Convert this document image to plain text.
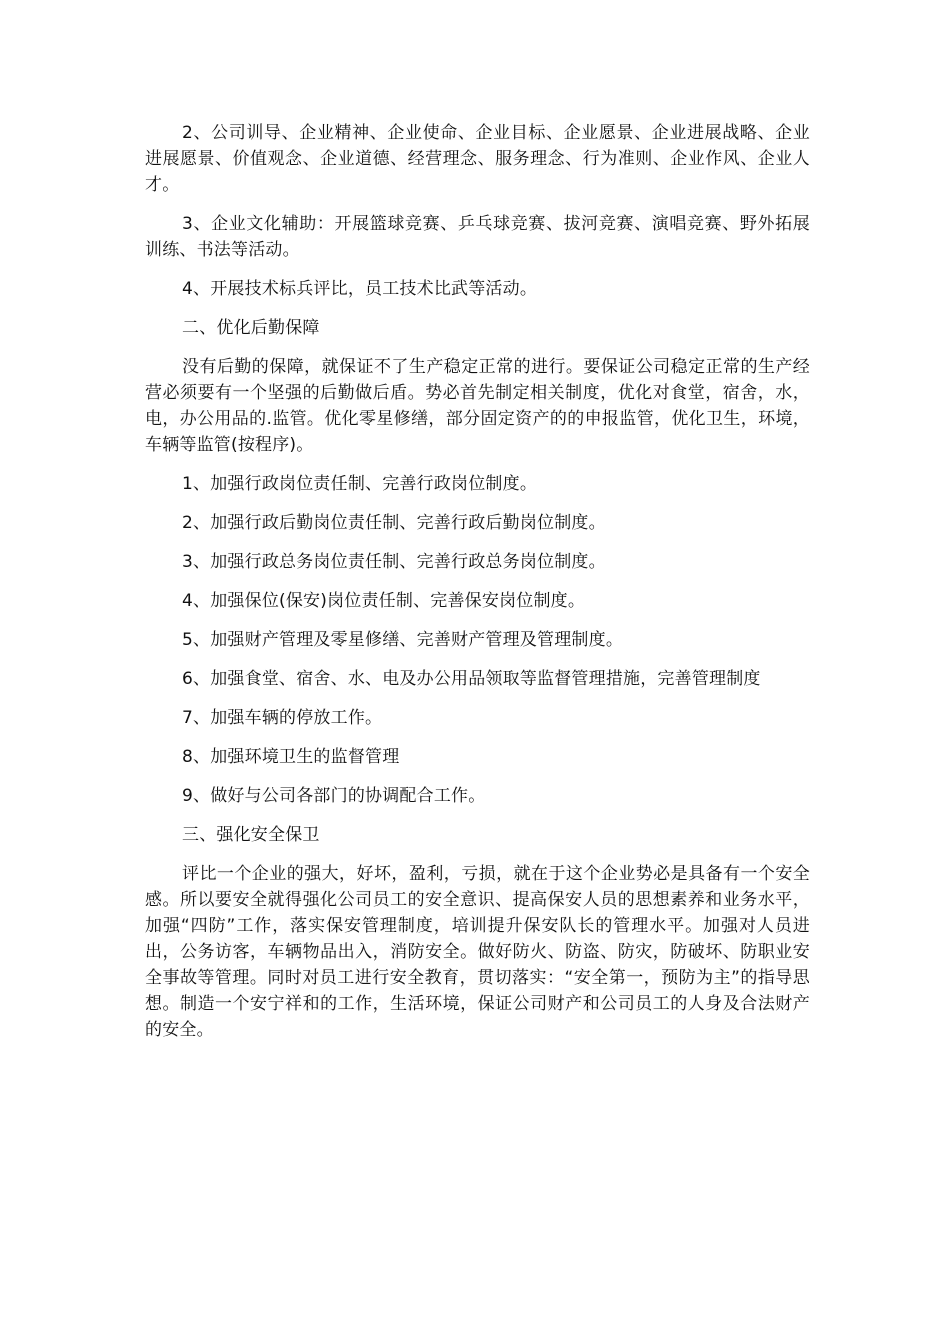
2、公司训导、企业精神、企业使命、企业目标、企业愿景、企业进展战略、企业进展愿景、价值观念、企业道德、经营理念、服务理念、行为准则、企业作风、企业人才。

3、企业文化辅助：开展篮球竞赛、乒乓球竞赛、拔河竞赛、演唱竞赛、野外拓展训练、书法等活动。

4、开展技术标兵评比，员工技术比武等活动。

二、优化后勤保障

没有后勤的保障，就保证不了生产稳定正常的进行。要保证公司稳定正常的生产经营必须要有一个坚强的后勤做后盾。势必首先制定相关制度，优化对食堂，宿舍，水，电，办公用品的.监管。优化零星修缮，部分固定资产的的申报监管，优化卫生，环境，车辆等监管(按程序)。

1、加强行政岗位责任制、完善行政岗位制度。

2、加强行政后勤岗位责任制、完善行政后勤岗位制度。

3、加强行政总务岗位责任制、完善行政总务岗位制度。

4、加强保位(保安)岗位责任制、完善保安岗位制度。

5、加强财产管理及零星修缮、完善财产管理及管理制度。

6、加强食堂、宿舍、水、电及办公用品领取等监督管理措施，完善管理制度

7、加强车辆的停放工作。

8、加强环境卫生的监督管理

9、做好与公司各部门的协调配合工作。

三、强化安全保卫

评比一个企业的强大，好坏，盈利，亏损，就在于这个企业势必是具备有一个安全感。所以要安全就得强化公司员工的安全意识、提高保安人员的思想素养和业务水平，加强“四防”工作，落实保安管理制度，培训提升保安队长的管理水平。加强对人员进出，公务访客，车辆物品出入，消防安全。做好防火、防盗、防灾，防破坏、防职业安全事故等管理。同时对员工进行安全教育，贯切落实：“安全第一，预防为主”的指导思想。制造一个安宁祥和的工作，生活环境，保证公司财产和公司员工的人身及合法财产的安全。
